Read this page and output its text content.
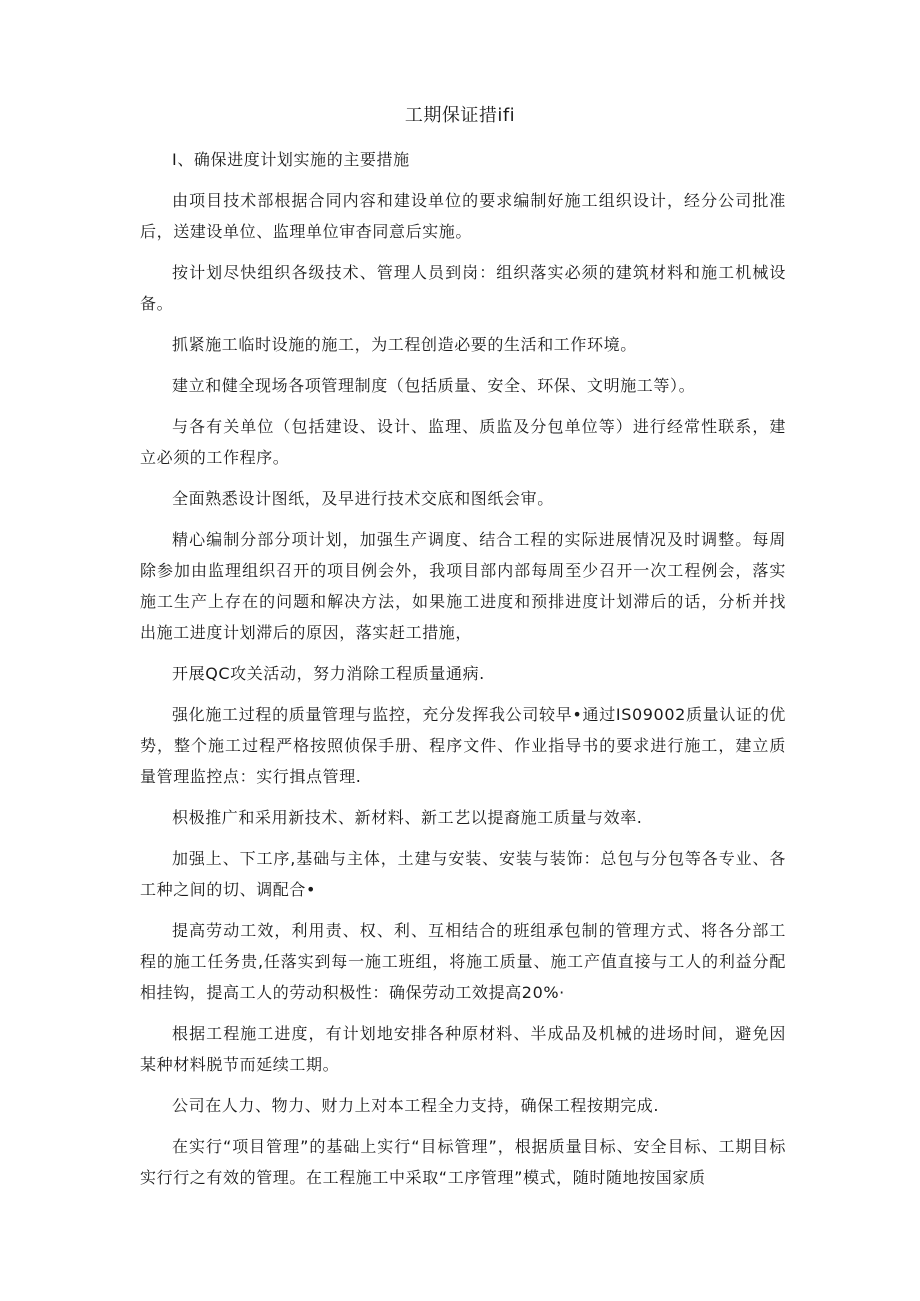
工期保证措ifi

I、确保进度计划实施的主要措施

由项目技术部根据合同内容和建设单位的要求编制好施工组织设计，经分公司批准后，送建设单位、监理单位审杳同意后实施。

按计划尽快组织各级技术、管理人员到岗：组织落实必须的建筑材料和施工机械设备。

抓紧施工临时设施的施工，为工程创造必要的生活和工作环境。

建立和健全现场各项管理制度（包括质量、安全、环保、文明施工等）。

与各有关单位（包括建设、设计、监理、质监及分包单位等）进行经常性联系，建立必须的工作程序。

全面熟悉设计图纸，及早进行技术交底和图纸会审。

精心编制分部分项计划，加强生产调度、结合工程的实际进展情况及时调整。每周除参加由监理组织召开的项目例会外，我项目部内部每周至少召开一次工程例会，落实施工生产上存在的问题和解决方法，如果施工进度和预排进度计划滞后的话，分析并找出施工进度计划滞后的原因，落实赶工措施，

开展QC攻关活动，努力消除工程质量通病.

强化施工过程的质量管理与监控，充分发挥我公司较早•通过IS09002质量认证的优势，整个施工过程严格按照侦保手册、程序文件、作业指导书的要求进行施工，建立质量管理监控点：实行揖点管理.

枳极推广和采用新技术、新材料、新工艺以提裔施工质量与效率.

加强上、下工序,基础与主体，土建与安装、安装与装饰：总包与分包等各专业、各工种之间的切、调配合•

提高劳动工效，利用责、权、利、互相结合的班组承包制的管理方式、将各分部工程的施工任务贵,任落实到每一施工班组，将施工质量、施工产值直接与工人的利益分配相挂钩，提高工人的劳动积极性：确保劳动工效提高20%·

根据工程施工进度，有计划地安排各种原材料、半成品及机械的进场时间，避免因某种材料脱节而延续工期。

公司在人力、物力、财力上对本工程全力支持，确保工程按期完成.

在实行“项目管理”的基础上实行“目标管理”，根据质量目标、安全目标、工期目标实行行之有效的管理。在工程施工中采取“工序管理”模式，随时随地按国家质
